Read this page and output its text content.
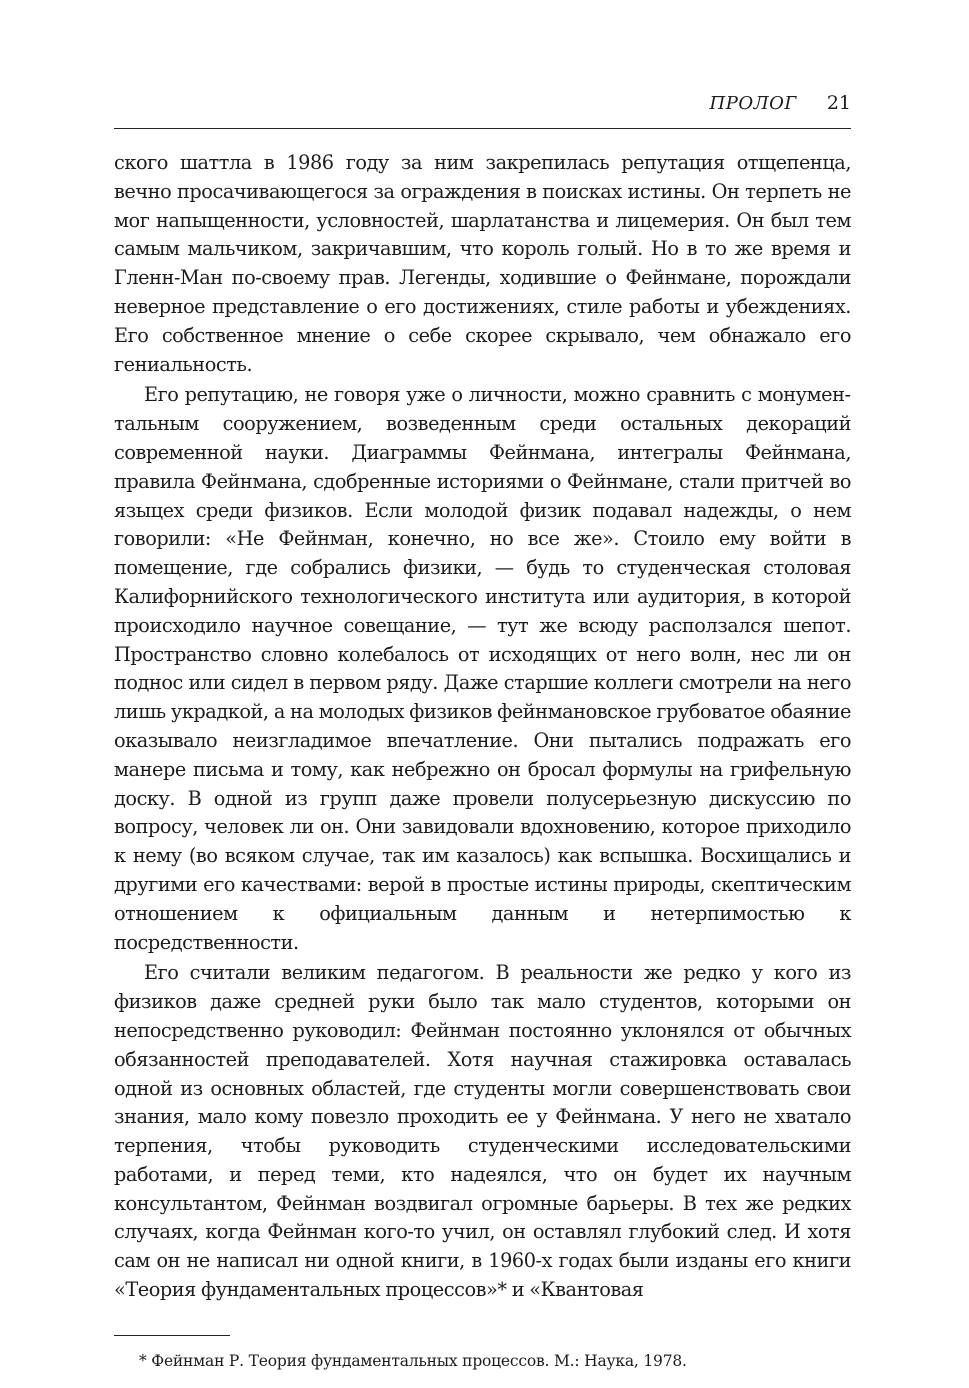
ПРОЛОГ 21

ского шаттла в 1986 году за ним закрепилась репутация отщепенца, вечно просачивающегося за ограждения в поисках истины. Он терпеть не мог напыщенности, условностей, шарлатанства и лицемерия. Он был тем самым мальчиком, закричавшим, что король голый. Но в то же время и Гленн-Ман по-своему прав. Легенды, ходившие о Фейнмане, порождали неверное представление о его достижениях, стиле работы и убеждениях. Его собственное мнение о себе скорее скрывало, чем обнажало его гениальность.

Его репутацию, не говоря уже о личности, можно сравнить с монументальным сооружением, возведенным среди остальных декораций современной науки. Диаграммы Фейнмана, интегралы Фейнмана, правила Фейнмана, сдобренные историями о Фейнмане, стали притчей во языцех среди физиков. Если молодой физик подавал надежды, о нем говорили: «Не Фейнман, конечно, но все же». Стоило ему войти в помещение, где собрались физики, — будь то студенческая столовая Калифорнийского технологического института или аудитория, в которой происходило научное совещание, — тут же всюду расползался шепот. Пространство словно колебалось от исходящих от него волн, нес ли он поднос или сидел в первом ряду. Даже старшие коллеги смотрели на него лишь украдкой, а на молодых физиков фейнмановское грубоватое обаяние оказывало неизгладимое впечатление. Они пытались подражать его манере письма и тому, как небрежно он бросал формулы на грифельную доску. В одной из групп даже провели полусерьезную дискуссию по вопросу, человек ли он. Они завидовали вдохновению, которое приходило к нему (во всяком случае, так им казалось) как вспышка. Восхищались и другими его качествами: верой в простые истины природы, скептическим отношением к официальным данным и нетерпимостью к посредственности.

Его считали великим педагогом. В реальности же редко у кого из физиков даже средней руки было так мало студентов, которыми он непосредственно руководил: Фейнман постоянно уклонялся от обычных обязанностей преподавателей. Хотя научная стажировка оставалась одной из основных областей, где студенты могли совершенствовать свои знания, мало кому повезло проходить ее у Фейнмана. У него не хватало терпения, чтобы руководить студенческими исследовательскими работами, и перед теми, кто надеялся, что он будет их научным консультантом, Фейнман воздвигал огромные барьеры. В тех же редких случаях, когда Фейнман кого-то учил, он оставлял глубокий след. И хотя сам он не написал ни одной книги, в 1960-х годах были изданы его книги «Теория фундаментальных процессов»* и «Квантовая

* Фейнман Р. Теория фундаментальных процессов. М.: Наука, 1978.
